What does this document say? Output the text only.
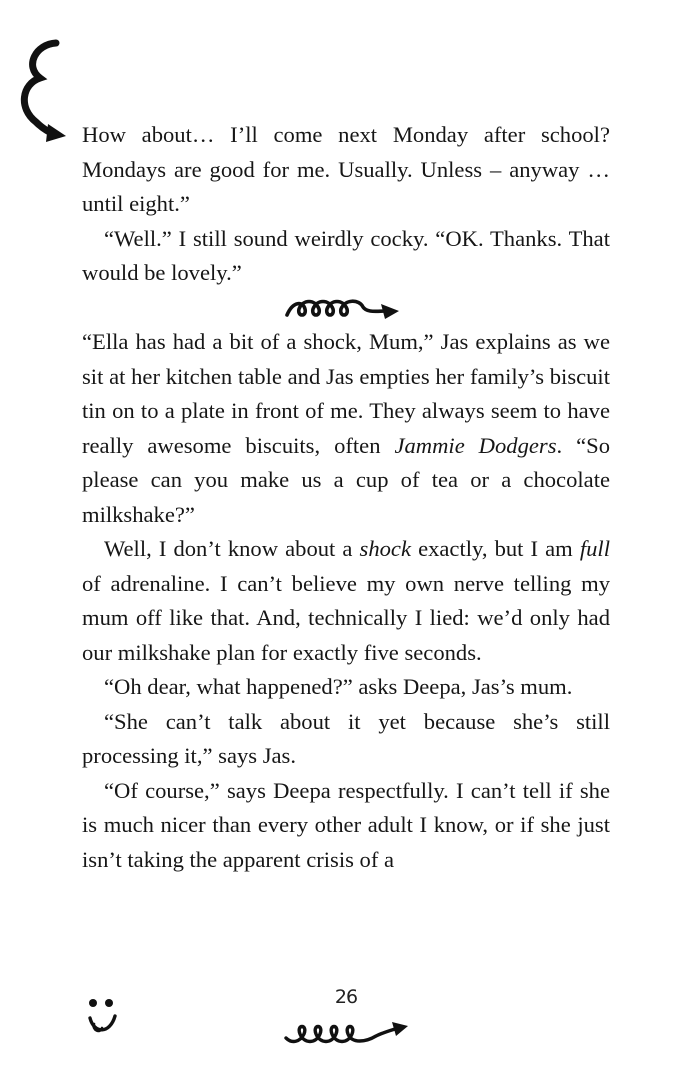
How about… I’ll come next Monday after school? Mondays are good for me. Usually. Unless – anyway … until eight.”

“Well.” I still sound weirdly cocky. “OK. Thanks. That would be lovely.”

“Ella has had a bit of a shock, Mum,” Jas explains as we sit at her kitchen table and Jas empties her family’s biscuit tin on to a plate in front of me. They always seem to have really awesome biscuits, often Jammie Dodgers. “So please can you make us a cup of tea or a chocolate milkshake?”

Well, I don’t know about a shock exactly, but I am full of adrenaline. I can’t believe my own nerve telling my mum off like that. And, technically I lied: we’d only had our milkshake plan for exactly five seconds.

“Oh dear, what happened?” asks Deepa, Jas’s mum.

“She can’t talk about it yet because she’s still processing it,” says Jas.

“Of course,” says Deepa respectfully. I can’t tell if she is much nicer than every other adult I know, or if she just isn’t taking the apparent crisis of a

26
